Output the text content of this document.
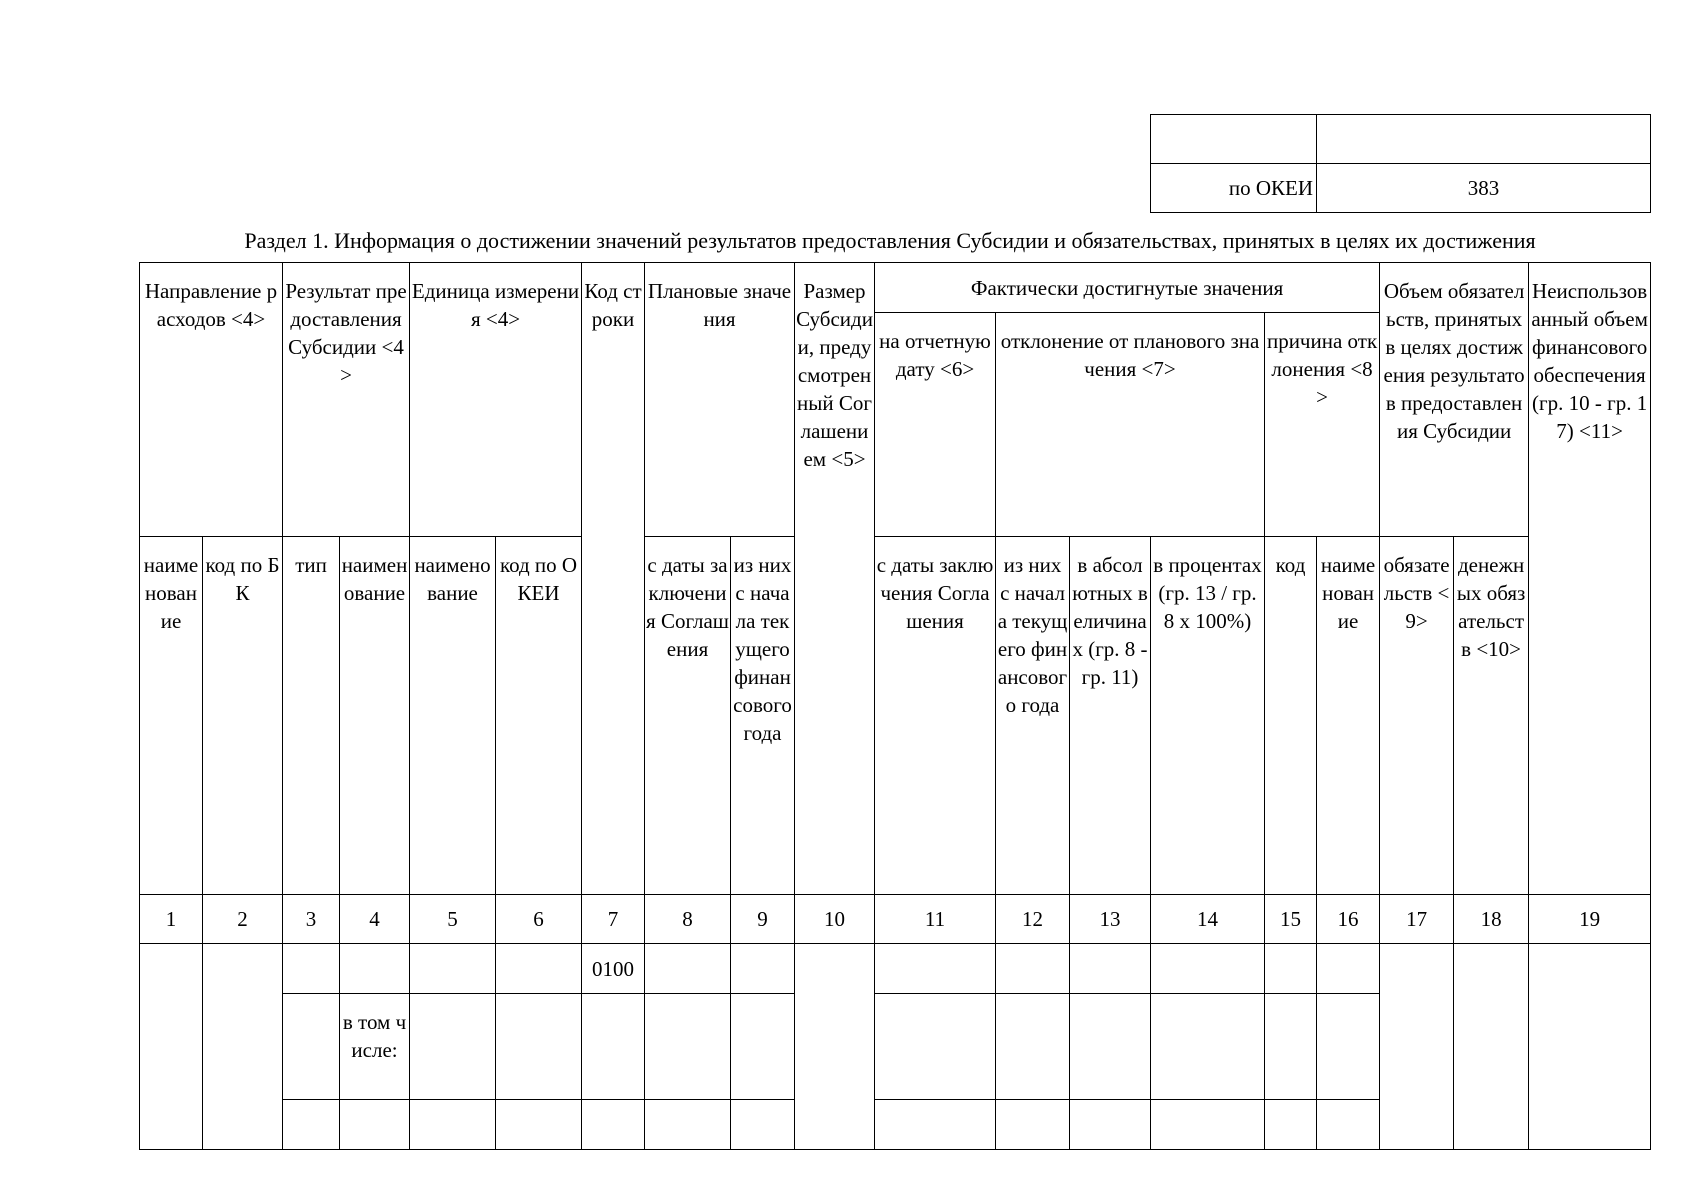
по ОКЕИ	383
Раздел 1. Информация о достижении значений результатов предоставления Субсидии и обязательствах, принятых в целях их достижения
Направление расходов <4>		Результат предоставления Субсидии <4>		Единица измерения <4>		Код строки	Плановые значения		Размер Субсидии, предусмотренный Соглашением <5>	Фактически достигнутые значения						Объем обязательств, принятых в целях достижения результатов предоставления Субсидии		Неиспользованный объем финансового обеспечения (гр. 10 - гр. 17) <11>
										на отчетную дату <6>	отклонение от планового значения <7>			причина отклонения <8>				
наименование	код по БК	тип	наименование	наименование	код по ОКЕИ		с даты заключения Соглашения	из них с начала текущего финансового года		с даты заключения Соглашения	из них с начала текущего финансового года	в абсолютных величинах (гр. 8 - гр. 11)	в процентах (гр. 13 / гр. 8 x 100%)	код	наименование	обязательств <9>	денежных обязательств <10>	
1	2	3	4	5	6	7	8	9	10	11	12	13	14	15	16	17	18	19
						0100												
			в том числе:															
